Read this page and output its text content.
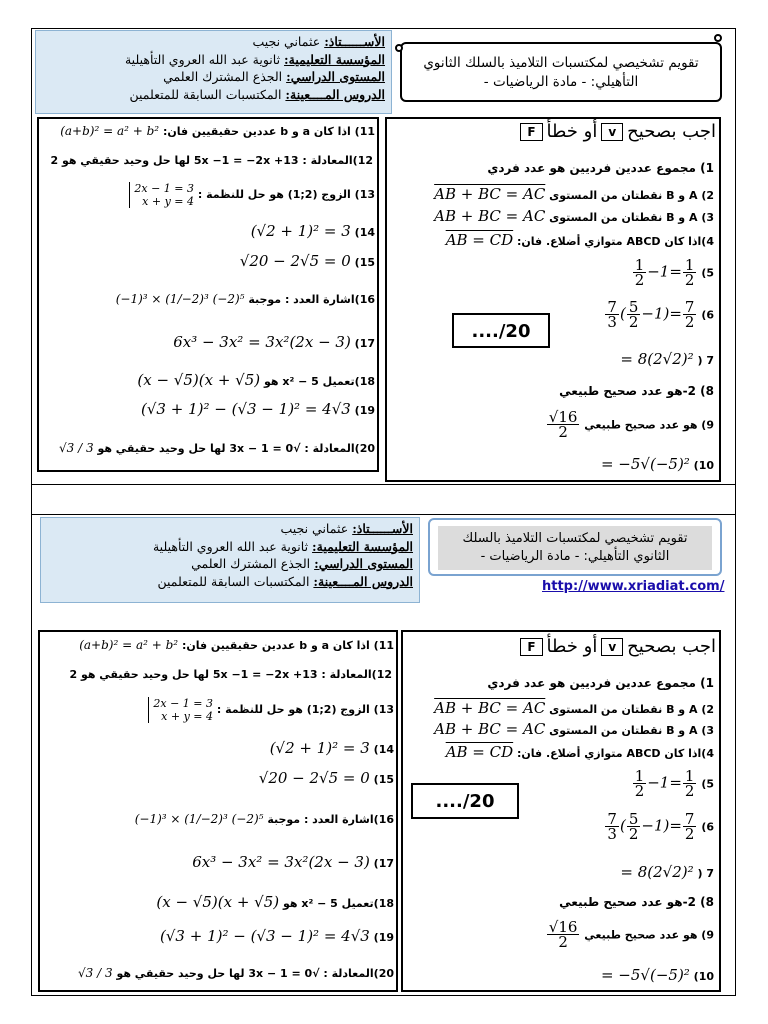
الأســــــتاذ: عثماني نجيب
المؤسسة التعليمية: ثانوية عبد الله العروي التأهيلية
المستوى الدراسي: الجذع المشترك العلمي
الدروس المــــعينة: المكتسبات السابقة للمتعلمين
تقويم تشخيصي لمكتسبات التلاميذ بالسلك الثانوي
التأهيلي: - مادة الرياضيات -
اجب بصحيحvأو خطأF
1) مجموع عددين فرديين هو عدد فردي
2) A و B نقطتان من المستوى AB + BC = AC
3) A و B نقطتان من المستوى AB + BC = AC
4)اذا كان ABCD متوازي أضلاع. فان: AB = CD
5)
$\frac{1}{2} -1= \frac{1}{2}$
6)
$\frac{7}{3}$ ( $\frac{5}{2} -1)= \frac{7}{2}$
7 ( (2√2)²= 8
8) 2-هو عدد صحيح طبيعي
9) هو عدد صحيح طبيعي
$\frac{√16}{2}$
10) √(−5)²= −5
..../20
11) اذا كان a و b عددين حقيقيين فان: (a+b)² = a² + b²
12)المعادلة : 5x −1 = −2x +13 لها حل وحيد حقيقي هو 2
13) الزوج (2;1) هو حل للنظمة : 2x − 1 = 3
x + y = 4
14) (√2 + 1)² = 3
15) √20 − 2√5 = 0
16)اشارة العدد : موجبة (−1)³ × (1/−2)³ (−2)⁵
17) 6x³ − 3x² = 3x²(2x − 3)
18)تعميل x² − 5 هو (x − √5)(x + √5)
19) (√3 + 1)² − (√3 − 1)² = 4√3
20)المعادلة : √3x − 1 = 0 لها حل وحيد حقيقي هو √3 / 3
الأســــــتاذ: عثماني نجيب
المؤسسة التعليمية: ثانوية عبد الله العروي التأهيلية
المستوى الدراسي: الجذع المشترك العلمي
الدروس المــــعينة: المكتسبات السابقة للمتعلمين
تقويم تشخيصي لمكتسبات التلاميذ بالسلك
الثانوي التأهيلي: - مادة الرياضيات -
http://www.xriadiat.com/
اجب بصحيحvأو خطأF
1) مجموع عددين فرديين هو عدد فردي
2) A و B نقطتان من المستوى AB + BC = AC
3) A و B نقطتان من المستوى AB + BC = AC
4)اذا كان ABCD متوازي أضلاع. فان: AB = CD
5)
$\frac{1}{2} -1= \frac{1}{2}$
6)
$\frac{7}{3}$ ( $\frac{5}{2} -1)= \frac{7}{2}$
7 ( (2√2)²= 8
8) 2-هو عدد صحيح طبيعي
9) هو عدد صحيح طبيعي
$\frac{√16}{2}$
10) √(−5)²= −5
..../20
11) اذا كان a و b عددين حقيقيين فان: (a+b)² = a² + b²
12)المعادلة : 5x −1 = −2x +13 لها حل وحيد حقيقي هو 2
13) الزوج (2;1) هو حل للنظمة : 2x − 1 = 3
x + y = 4
14) (√2 + 1)² = 3
15) √20 − 2√5 = 0
16)اشارة العدد : موجبة (−1)³ × (1/−2)³ (−2)⁵
17) 6x³ − 3x² = 3x²(2x − 3)
18)تعميل x² − 5 هو (x − √5)(x + √5)
19) (√3 + 1)² − (√3 − 1)² = 4√3
20)المعادلة : √3x − 1 = 0 لها حل وحيد حقيقي هو √3 / 3
